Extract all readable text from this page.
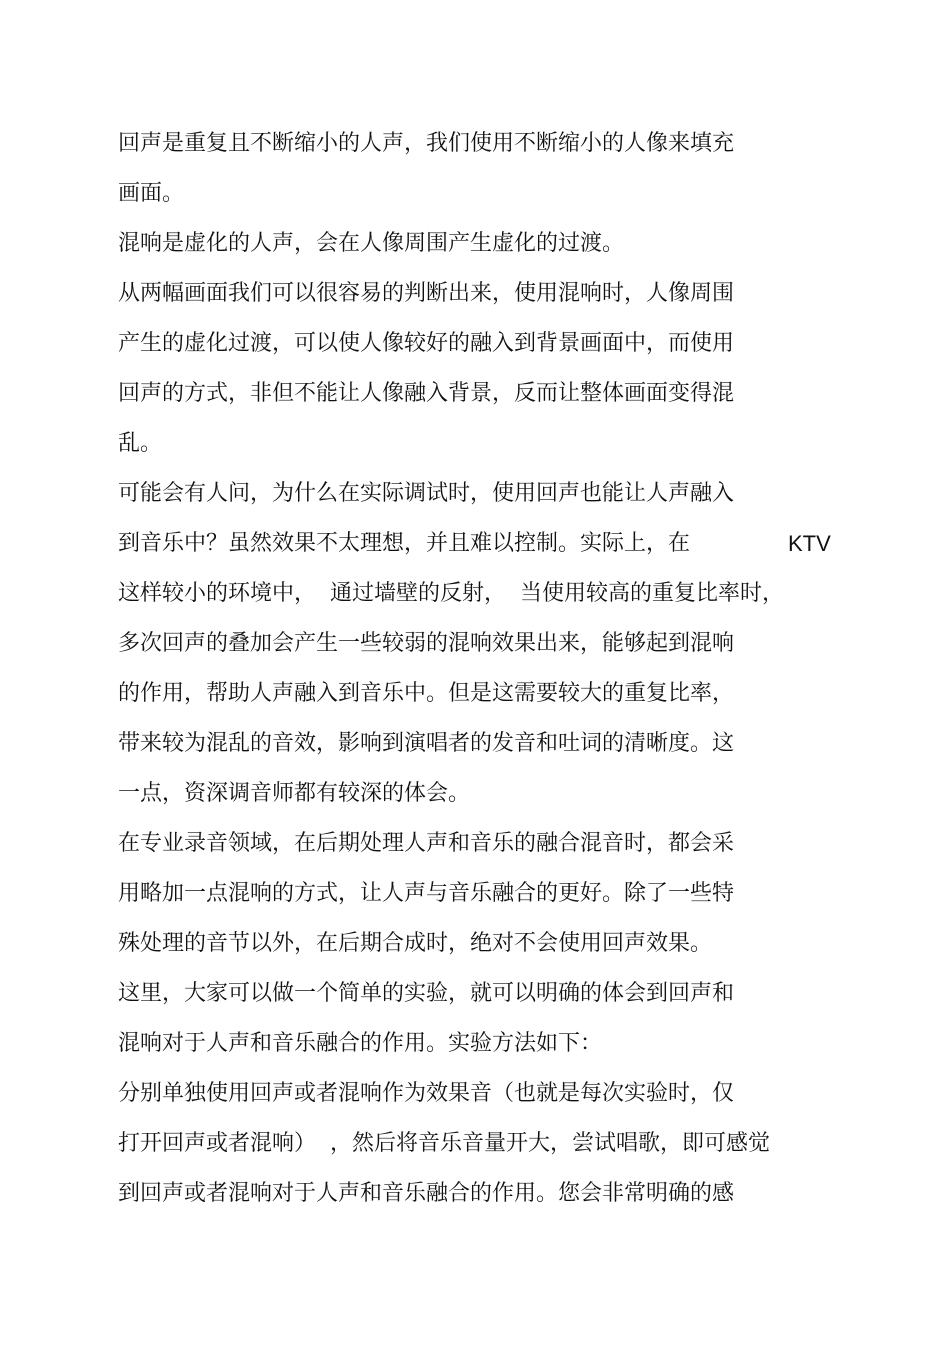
回声是重复且不断缩小的人声，我们使用不断缩小的人像来填充
画面。
混响是虚化的人声，会在人像周围产生虚化的过渡。
从两幅画面我们可以很容易的判断出来，使用混响时，人像周围
产生的虚化过渡，可以使人像较好的融入到背景画面中，而使用
回声的方式，非但不能让人像融入背景，反而让整体画面变得混
乱。
可能会有人问，为什么在实际调试时，使用回声也能让人声融入
到音乐中？虽然效果不太理想，并且难以控制。实际上，在	KTV
这样较小的环境中，  通过墙壁的反射，  当使用较高的重复比率时，
多次回声的叠加会产生一些较弱的混响效果出来，能够起到混响
的作用，帮助人声融入到音乐中。但是这需要较大的重复比率，
带来较为混乱的音效，影响到演唱者的发音和吐词的清晰度。这
一点，资深调音师都有较深的体会。
在专业录音领域，在后期处理人声和音乐的融合混音时，都会采
用略加一点混响的方式，让人声与音乐融合的更好。除了一些特
殊处理的音节以外，在后期合成时，绝对不会使用回声效果。
这里，大家可以做一个简单的实验，就可以明确的体会到回声和
混响对于人声和音乐融合的作用。实验方法如下：
分别单独使用回声或者混响作为效果音（也就是每次实验时，仅
打开回声或者混响）  ，然后将音乐音量开大，尝试唱歌，即可感觉
到回声或者混响对于人声和音乐融合的作用。您会非常明确的感
